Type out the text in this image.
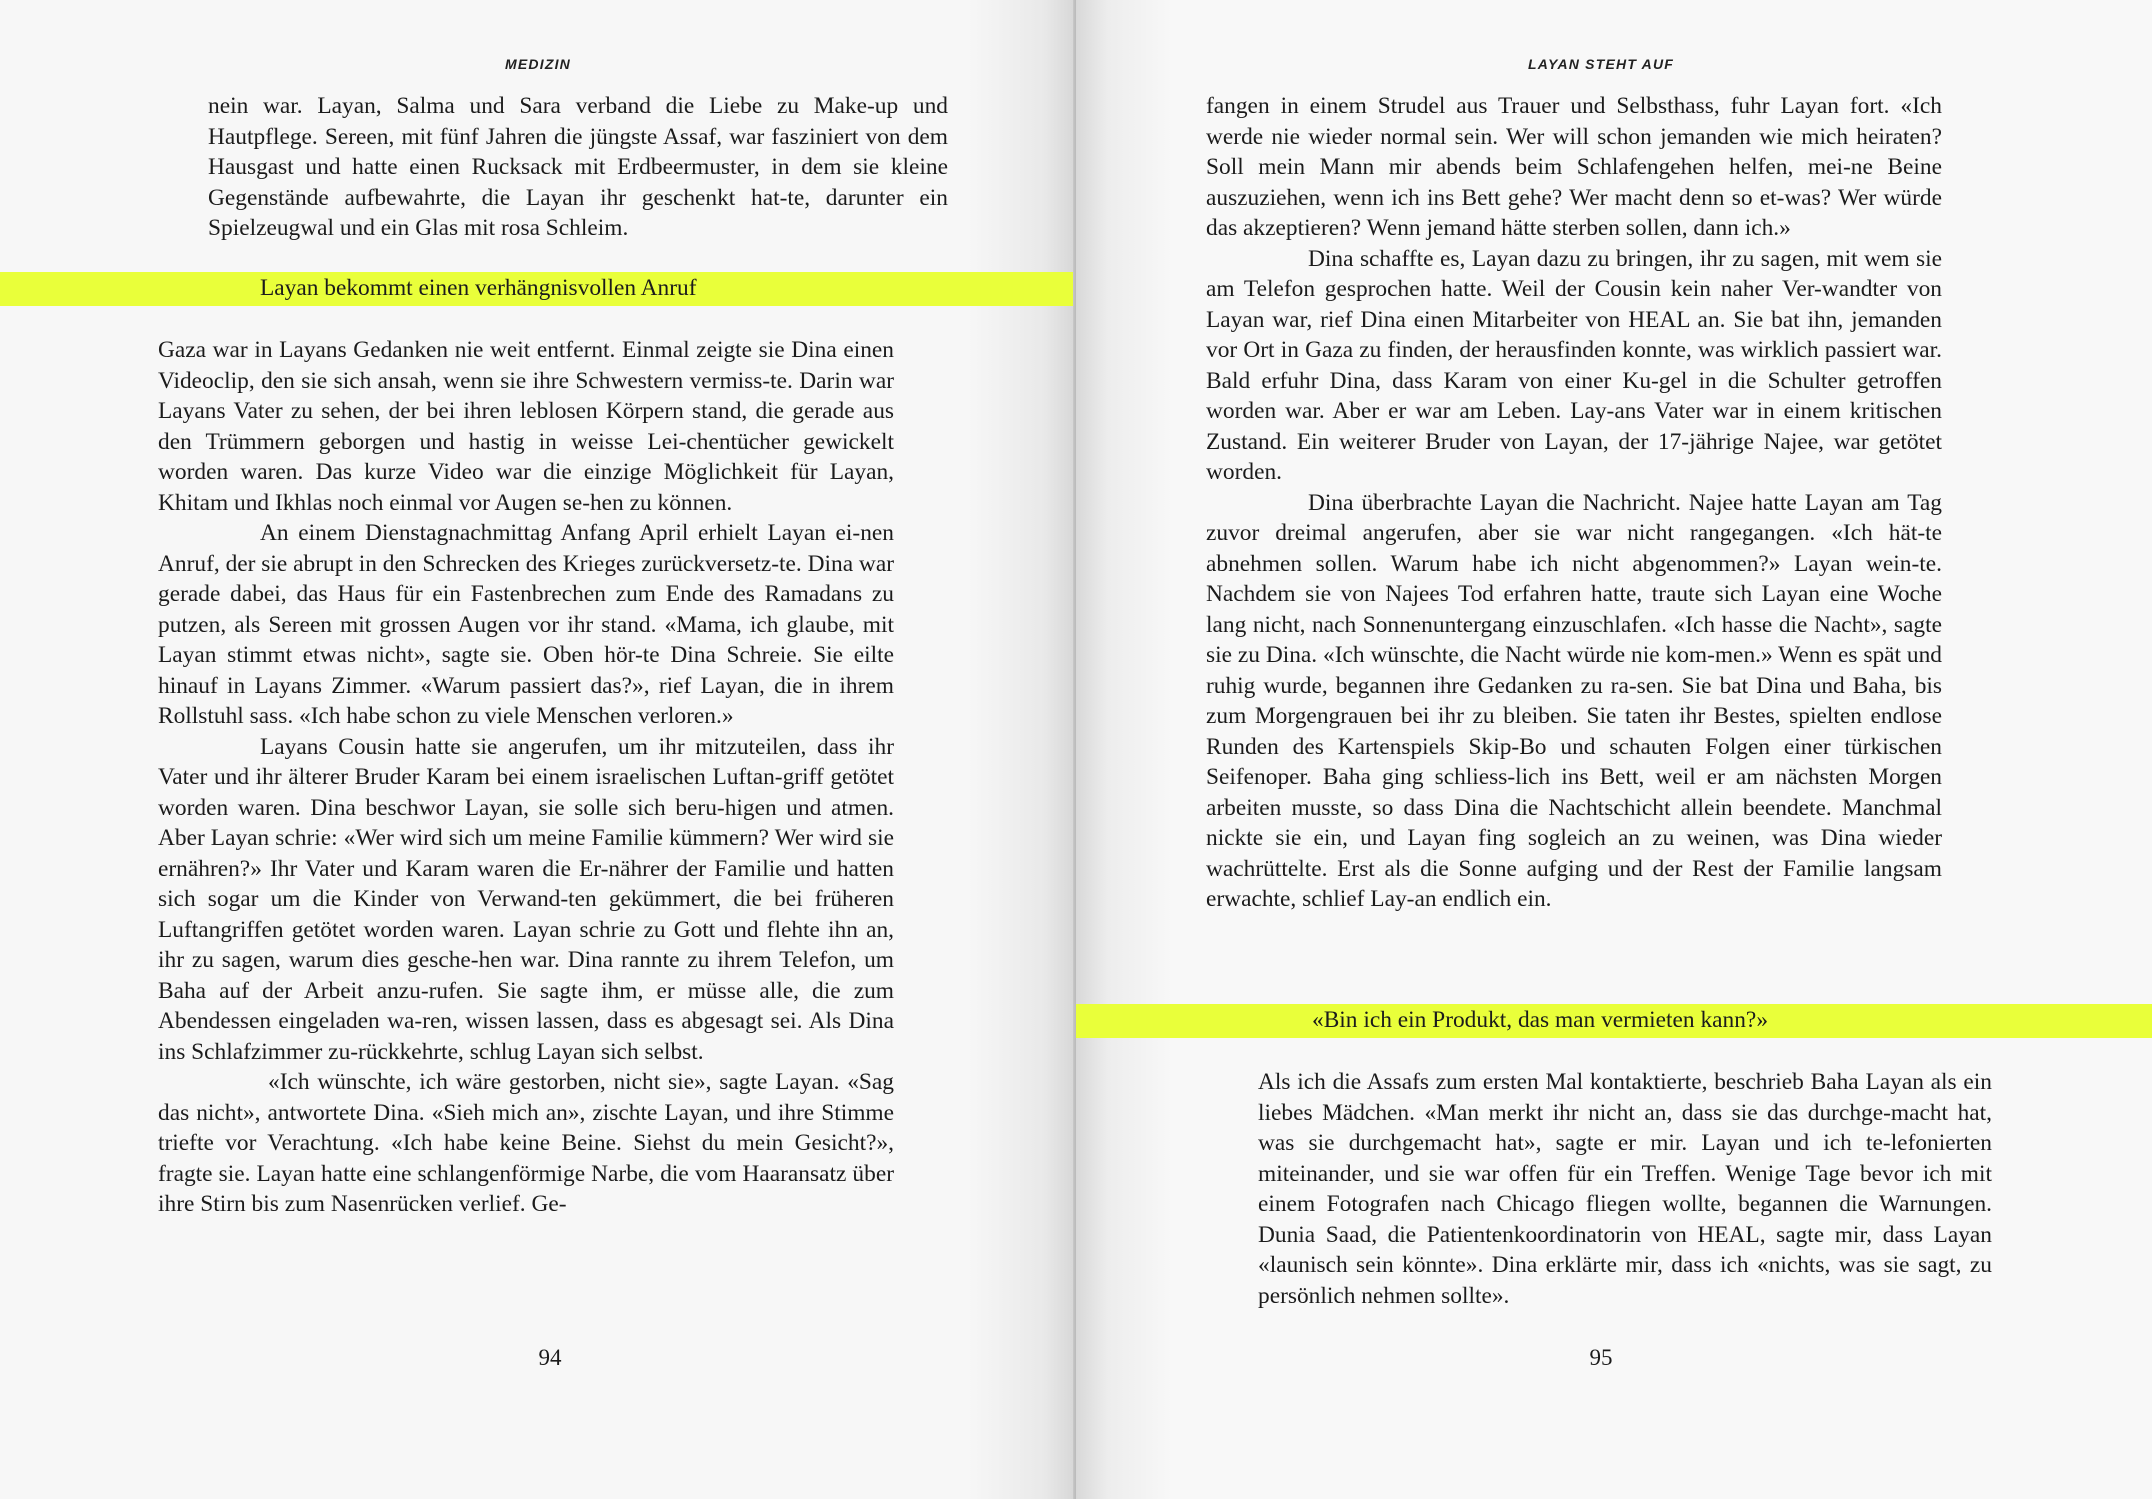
MEDIZIN

nein war. Layan, Salma und Sara verband die Liebe zu Make-up und Hautpflege. Sereen, mit fünf Jahren die jüngste Assaf, war fasziniert von dem Hausgast und hatte einen Rucksack mit Erdbeermuster, in dem sie kleine Gegenstände aufbewahrte, die Layan ihr geschenkt hat-te, darunter ein Spielzeugwal und ein Glas mit rosa Schleim.

Layan bekommt einen verhängnisvollen Anruf

Gaza war in Layans Gedanken nie weit entfernt. Einmal zeigte sie Dina einen Videoclip, den sie sich ansah, wenn sie ihre Schwestern vermiss-te. Darin war Layans Vater zu sehen, der bei ihren leblosen Körpern stand, die gerade aus den Trümmern geborgen und hastig in weisse Lei-chentücher gewickelt worden waren. Das kurze Video war die einzige Möglichkeit für Layan, Khitam und Ikhlas noch einmal vor Augen se-hen zu können.

An einem Dienstagnachmittag Anfang April erhielt Layan ei-nen Anruf, der sie abrupt in den Schrecken des Krieges zurückversetz-te. Dina war gerade dabei, das Haus für ein Fastenbrechen zum Ende des Ramadans zu putzen, als Sereen mit grossen Augen vor ihr stand. «Mama, ich glaube, mit Layan stimmt etwas nicht», sagte sie. Oben hör-te Dina Schreie. Sie eilte hinauf in Layans Zimmer. «Warum passiert das?», rief Layan, die in ihrem Rollstuhl sass. «Ich habe schon zu viele Menschen verloren.»

Layans Cousin hatte sie angerufen, um ihr mitzuteilen, dass ihr Vater und ihr älterer Bruder Karam bei einem israelischen Luftan-griff getötet worden waren. Dina beschwor Layan, sie solle sich beru-higen und atmen. Aber Layan schrie: «Wer wird sich um meine Familie kümmern? Wer wird sie ernähren?» Ihr Vater und Karam waren die Er-nährer der Familie und hatten sich sogar um die Kinder von Verwand-ten gekümmert, die bei früheren Luftangriffen getötet worden waren. Layan schrie zu Gott und flehte ihn an, ihr zu sagen, warum dies gesche-hen war. Dina rannte zu ihrem Telefon, um Baha auf der Arbeit anzu-rufen. Sie sagte ihm, er müsse alle, die zum Abendessen eingeladen wa-ren, wissen lassen, dass es abgesagt sei. Als Dina ins Schlafzimmer zu-rückkehrte, schlug Layan sich selbst.

«Ich wünschte, ich wäre gestorben, nicht sie», sagte Layan. «Sag das nicht», antwortete Dina. «Sieh mich an», zischte Layan, und ihre Stimme triefte vor Verachtung. «Ich habe keine Beine. Siehst du mein Gesicht?», fragte sie. Layan hatte eine schlangenförmige Narbe, die vom Haaransatz über ihre Stirn bis zum Nasenrücken verlief. Ge-

94
LAYAN STEHT AUF

fangen in einem Strudel aus Trauer und Selbsthass, fuhr Layan fort. «Ich werde nie wieder normal sein. Wer will schon jemanden wie mich heiraten? Soll mein Mann mir abends beim Schlafengehen helfen, mei-ne Beine auszuziehen, wenn ich ins Bett gehe? Wer macht denn so et-was? Wer würde das akzeptieren? Wenn jemand hätte sterben sollen, dann ich.»

Dina schaffte es, Layan dazu zu bringen, ihr zu sagen, mit wem sie am Telefon gesprochen hatte. Weil der Cousin kein naher Ver-wandter von Layan war, rief Dina einen Mitarbeiter von HEAL an. Sie bat ihn, jemanden vor Ort in Gaza zu finden, der herausfinden konnte, was wirklich passiert war. Bald erfuhr Dina, dass Karam von einer Ku-gel in die Schulter getroffen worden war. Aber er war am Leben. Lay-ans Vater war in einem kritischen Zustand. Ein weiterer Bruder von Layan, der 17-jährige Najee, war getötet worden.

Dina überbrachte Layan die Nachricht. Najee hatte Layan am Tag zuvor dreimal angerufen, aber sie war nicht rangegangen. «Ich hät-te abnehmen sollen. Warum habe ich nicht abgenommen?» Layan wein-te. Nachdem sie von Najees Tod erfahren hatte, traute sich Layan eine Woche lang nicht, nach Sonnenuntergang einzuschlafen. «Ich hasse die Nacht», sagte sie zu Dina. «Ich wünschte, die Nacht würde nie kom-men.» Wenn es spät und ruhig wurde, begannen ihre Gedanken zu ra-sen. Sie bat Dina und Baha, bis zum Morgengrauen bei ihr zu bleiben. Sie taten ihr Bestes, spielten endlose Runden des Kartenspiels Skip-Bo und schauten Folgen einer türkischen Seifenoper. Baha ging schliess-lich ins Bett, weil er am nächsten Morgen arbeiten musste, so dass Dina die Nachtschicht allein beendete. Manchmal nickte sie ein, und Layan fing sogleich an zu weinen, was Dina wieder wachrüttelte. Erst als die Sonne aufging und der Rest der Familie langsam erwachte, schlief Lay-an endlich ein.

«Bin ich ein Produkt, das man vermieten kann?»

Als ich die Assafs zum ersten Mal kontaktierte, beschrieb Baha Layan als ein liebes Mädchen. «Man merkt ihr nicht an, dass sie das durchge-macht hat, was sie durchgemacht hat», sagte er mir. Layan und ich te-lefonierten miteinander, und sie war offen für ein Treffen. Wenige Tage bevor ich mit einem Fotografen nach Chicago fliegen wollte, begannen die Warnungen. Dunia Saad, die Patientenkoordinatorin von HEAL, sagte mir, dass Layan «launisch sein könnte». Dina erklärte mir, dass ich «nichts, was sie sagt, zu persönlich nehmen sollte».

95
